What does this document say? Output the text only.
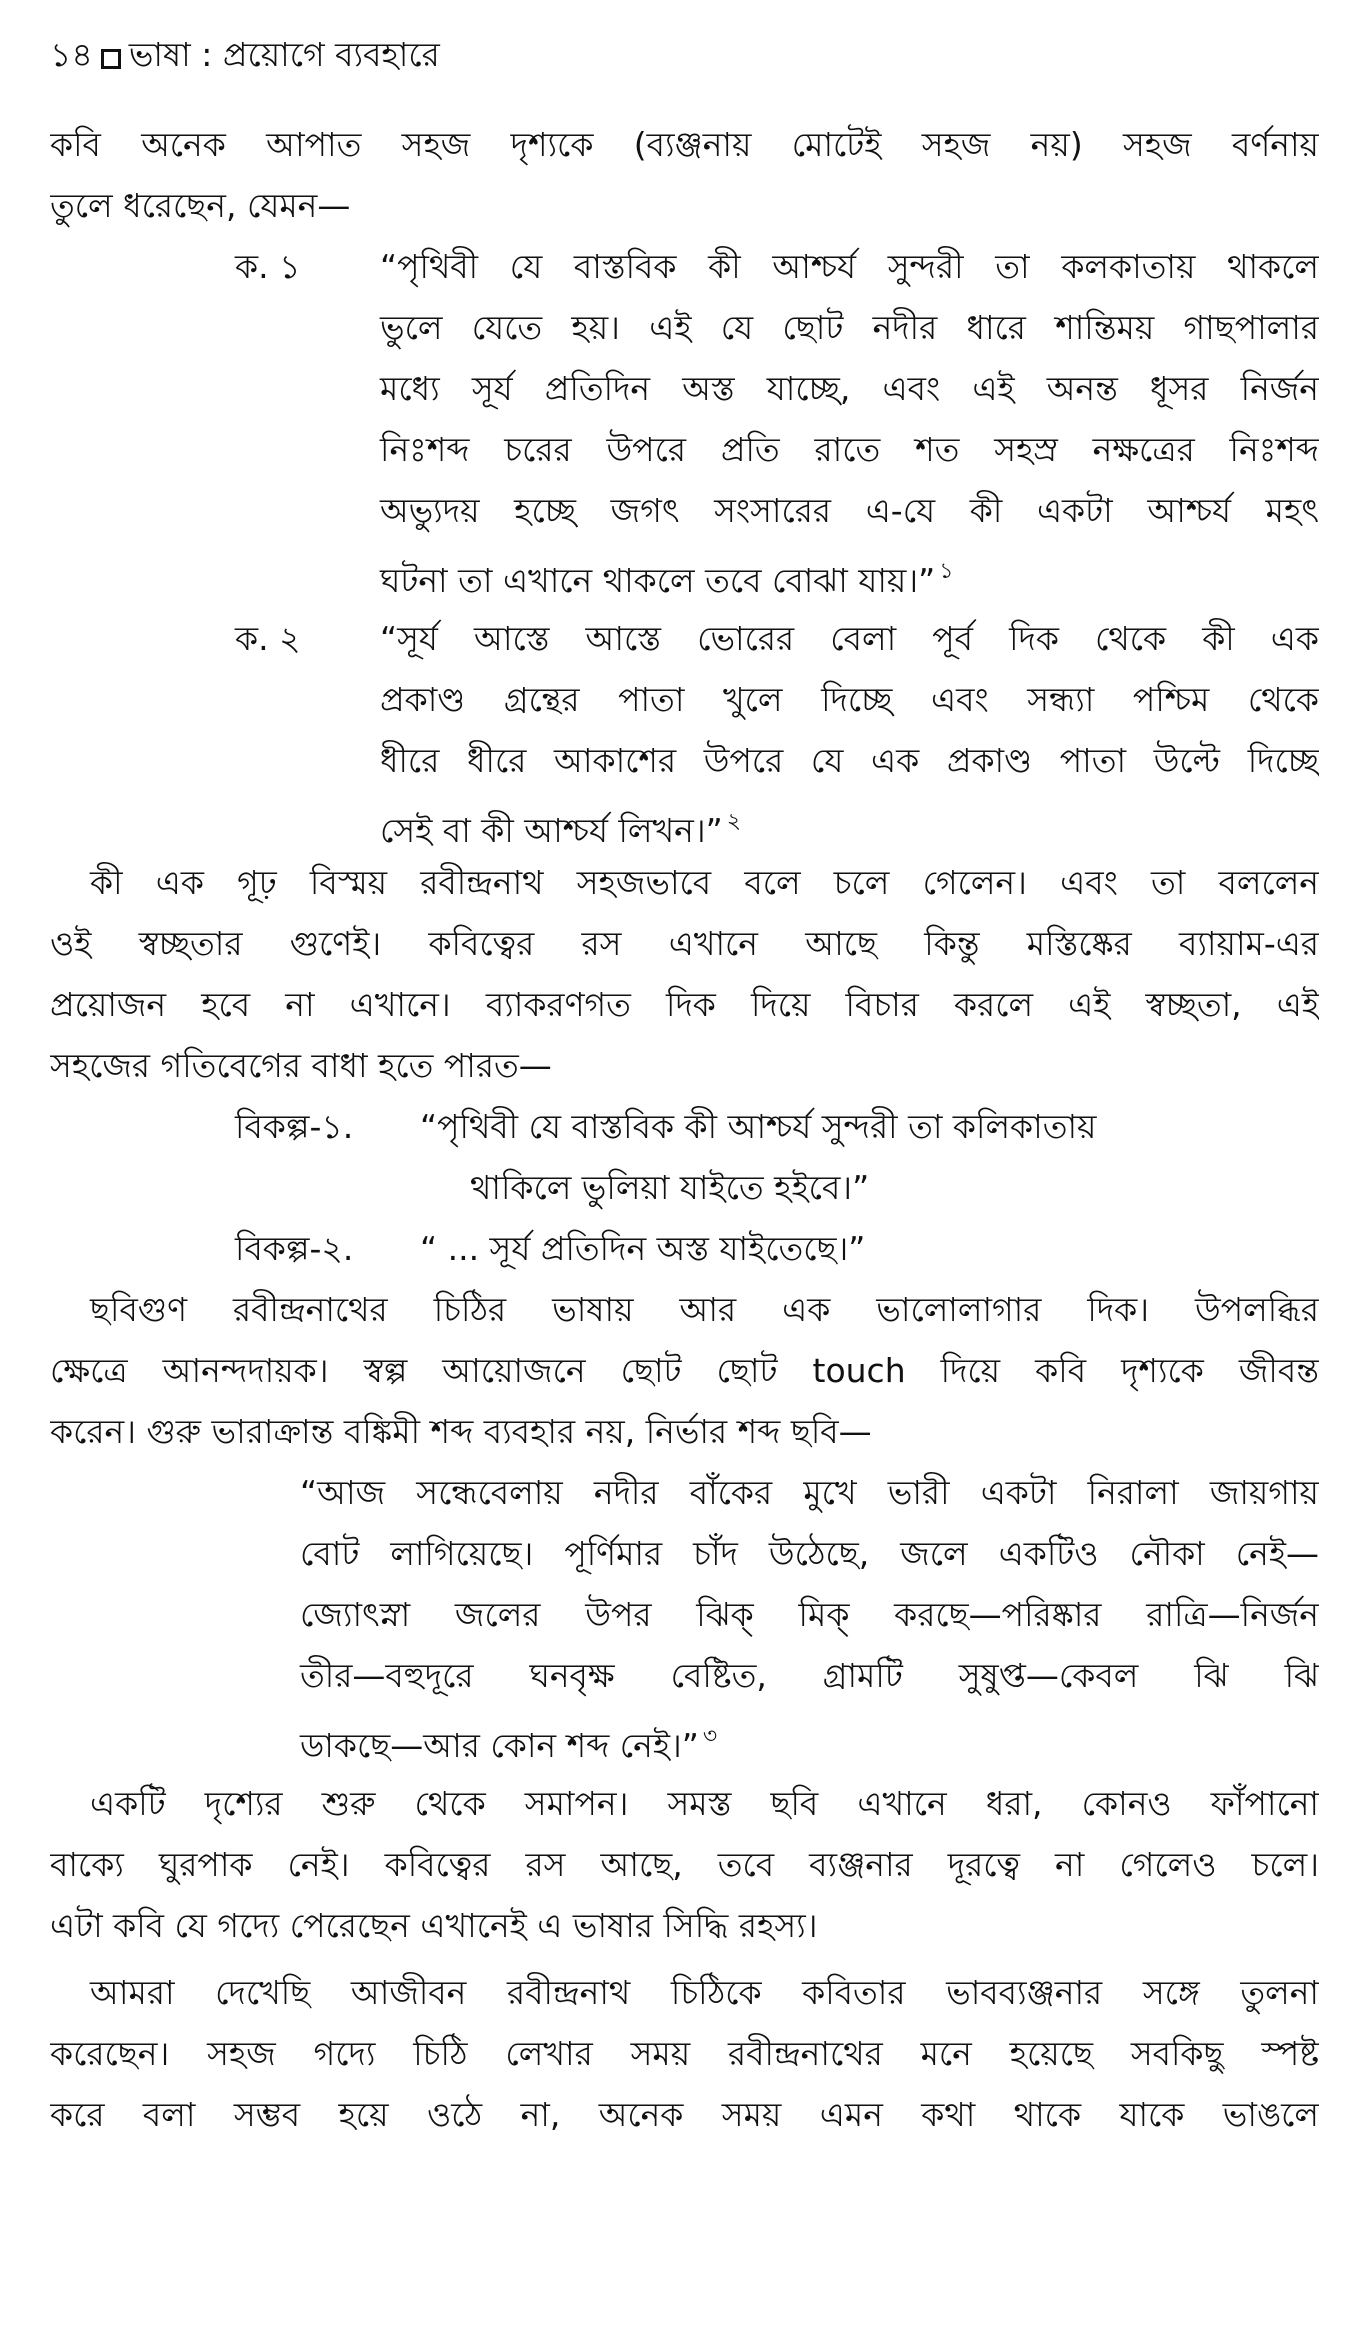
১৪ ভাষা : প্রয়োগে ব্যবহারে
কবি অনেক আপাত সহজ দৃশ্যকে (ব্যঞ্জনায় মোটেই সহজ নয়) সহজ বর্ণনায়
তুলে ধরেছেন, যেমন—
ক. ১ “পৃথিবী যে বাস্তবিক কী আশ্চর্য সুন্দরী তা কলকাতায় থাকলে
ভুলে যেতে হয়। এই যে ছোট নদীর ধারে শান্তিময় গাছপালার
মধ্যে সূর্য প্রতিদিন অস্ত যাচ্ছে, এবং এই অনন্ত ধূসর নির্জন
নিঃশব্দ চরের উপরে প্রতি রাতে শত সহস্র নক্ষত্রের নিঃশব্দ
অভ্যুদয় হচ্ছে জগৎ সংসারের এ-যে কী একটা আশ্চর্য মহৎ
ঘটনা তা এখানে থাকলে তবে বোঝা যায়।” $^১$
ক. ২ “সূর্য আস্তে আস্তে ভোরের বেলা পূর্ব দিক থেকে কী এক
প্রকাণ্ড গ্রন্থের পাতা খুলে দিচ্ছে এবং সন্ধ্যা পশ্চিম থেকে
ধীরে ধীরে আকাশের উপরে যে এক প্রকাণ্ড পাতা উল্টে দিচ্ছে
সেই বা কী আশ্চর্য লিখন।” $^২$
কী এক গূঢ় বিস্ময় রবীন্দ্রনাথ সহজভাবে বলে চলে গেলেন। এবং তা বললেন
ওই স্বচ্ছতার গুণেই। কবিত্বের রস এখানে আছে কিন্তু মস্তিষ্কের ব্যায়াম-এর
প্রয়োজন হবে না এখানে। ব্যাকরণগত দিক দিয়ে বিচার করলে এই স্বচ্ছতা, এই
সহজের গতিবেগের বাধা হতে পারত—
বিকল্প-১. “পৃথিবী যে বাস্তবিক কী আশ্চর্য সুন্দরী তা কলিকাতায়
থাকিলে ভুলিয়া যাইতে হইবে।”
বিকল্প-২. “ ... সূর্য প্রতিদিন অস্ত যাইতেছে।”
ছবিগুণ রবীন্দ্রনাথের চিঠির ভাষায় আর এক ভালোলাগার দিক। উপলব্ধির
ক্ষেত্রে আনন্দদায়ক। স্বল্প আয়োজনে ছোট ছোট touch দিয়ে কবি দৃশ্যকে জীবন্ত
করেন। গুরু ভারাক্রান্ত বঙ্কিমী শব্দ ব্যবহার নয়, নির্ভার শব্দ ছবি—
“আজ সন্ধেবেলায় নদীর বাঁকের মুখে ভারী একটা নিরালা জায়গায়
বোট লাগিয়েছে। পূর্ণিমার চাঁদ উঠেছে, জলে একটিও নৌকা নেই—
জ্যোৎস্না জলের উপর ঝিক্ মিক্ করছে—পরিষ্কার রাত্রি—নির্জন
তীর—বহুদূরে ঘনবৃক্ষ বেষ্টিত, গ্রামটি সুষুপ্ত—কেবল ঝি ঝি
ডাকছে—আর কোন শব্দ নেই।” $^৩$
একটি দৃশ্যের শুরু থেকে সমাপন। সমস্ত ছবি এখানে ধরা, কোনও ফাঁপানো
বাক্যে ঘুরপাক নেই। কবিত্বের রস আছে, তবে ব্যঞ্জনার দূরত্বে না গেলেও চলে।
এটা কবি যে গদ্যে পেরেছেন এখানেই এ ভাষার সিদ্ধি রহস্য।
আমরা দেখেছি আজীবন রবীন্দ্রনাথ চিঠিকে কবিতার ভাবব্যঞ্জনার সঙ্গে তুলনা
করেছেন। সহজ গদ্যে চিঠি লেখার সময় রবীন্দ্রনাথের মনে হয়েছে সবকিছু স্পষ্ট
করে বলা সম্ভব হয়ে ওঠে না, অনেক সময় এমন কথা থাকে যাকে ভাঙলে
